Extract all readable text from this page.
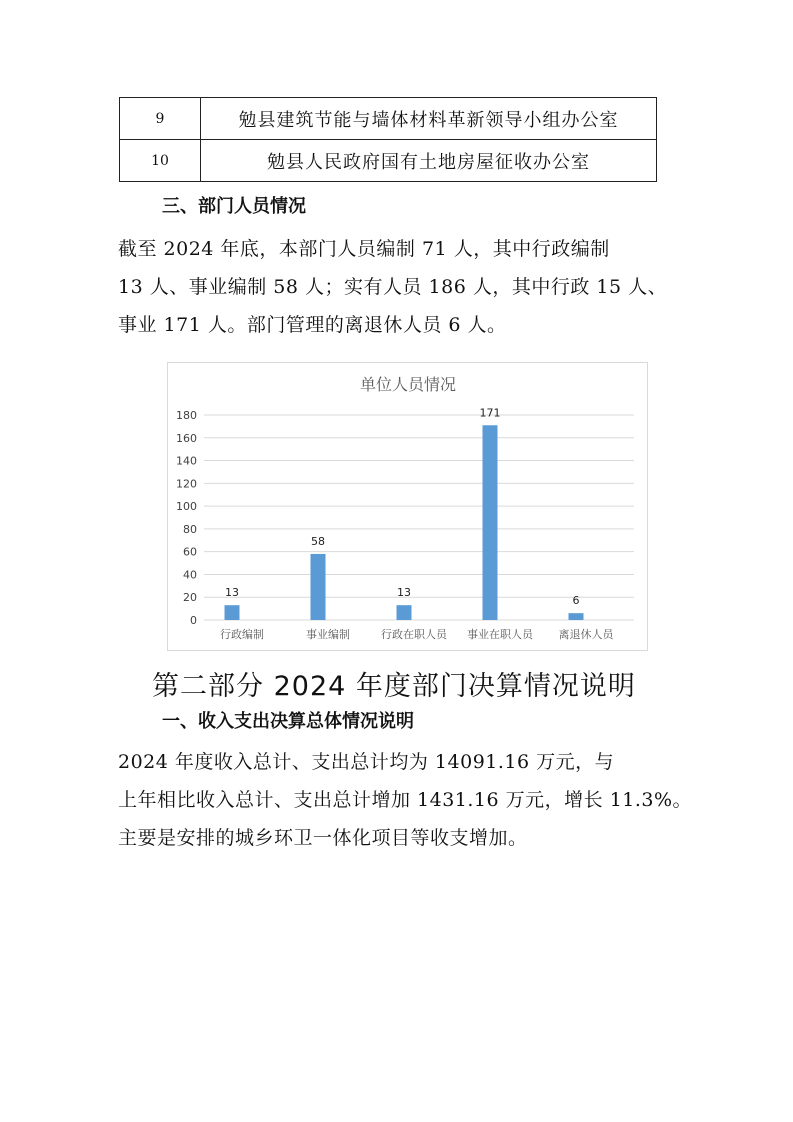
9	勉县建筑节能与墙体材料革新领导小组办公室
10	勉县人民政府国有土地房屋征收办公室
三、部门人员情况
截至 2024 年底，本部门人员编制 71 人，其中行政编制
13 人、事业编制 58 人；实有人员 186 人，其中行政 15 人、
事业 171 人。部门管理的离退休人员 6 人。
单位人员情况
0
20
40
60
80
100
120
140
160
180
13
行政编制
58
事业编制
13
行政在职人员
171
事业在职人员
6
离退休人员
第二部分 2024 年度部门决算情况说明
一、收入支出决算总体情况说明
2024 年度收入总计、支出总计均为 14091.16 万元，与
上年相比收入总计、支出总计增加 1431.16 万元，增长 11.3%。
主要是安排的城乡环卫一体化项目等收支增加。
